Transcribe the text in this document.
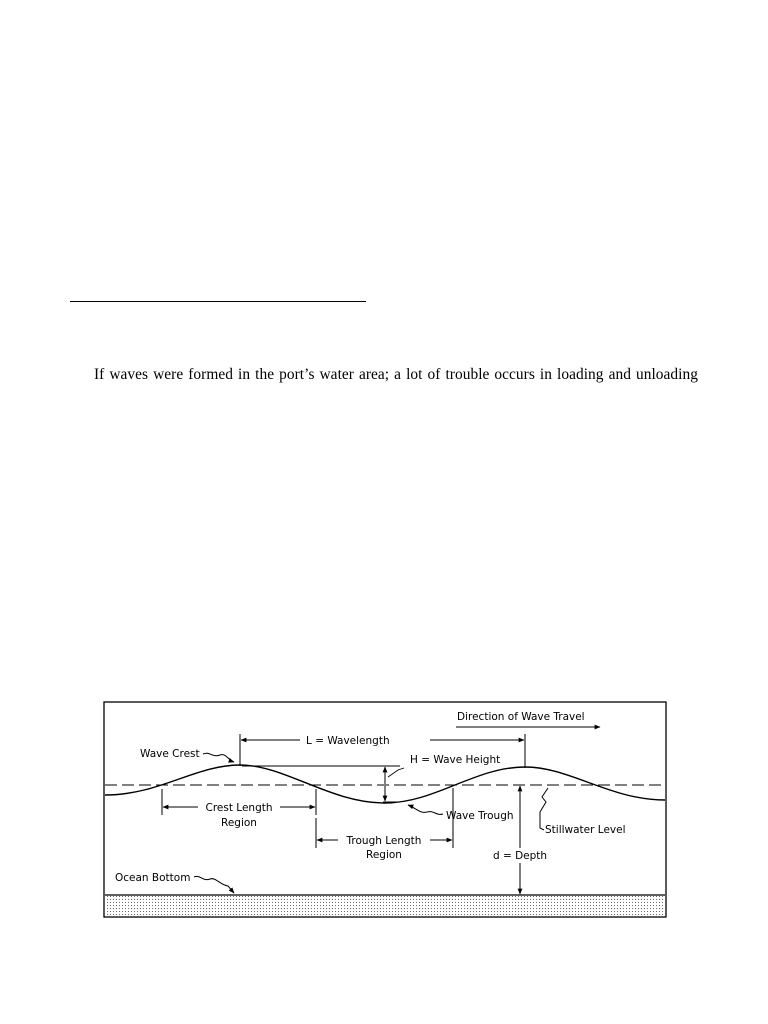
If waves were formed in the port’s water area; a lot of trouble occurs in loading and unloading
Direction of Wave Travel
L = Wavelength
Wave Crest	H = Wave Height
Crest Length
Region
Trough Length
Region
Wave Trough
Stillwater Level
d = Depth
Ocean Bottom
